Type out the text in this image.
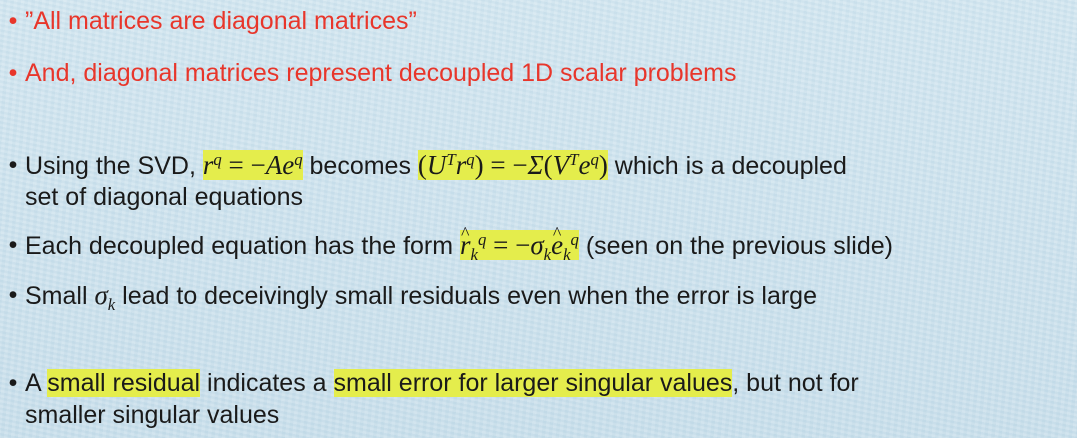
• ”All matrices are diagonal matrices”
• And, diagonal matrices represent decoupled 1D scalar problems
• Using the SVD, $r^q = -Ae^q$ becomes $(U^Tr^q) = -\Sigma(V^Te^q)$ which is a decoupled
set of diagonal equations
• Each decoupled equation has the form r $\^{}_k^q = -\sigma_ke$ $\^{}_k^q$ (seen on the previous slide)
• Small $\sigma_k$ lead to deceivingly small residuals even when the error is large
• A small residual indicates a small error for larger singular values, but not for
smaller singular values
